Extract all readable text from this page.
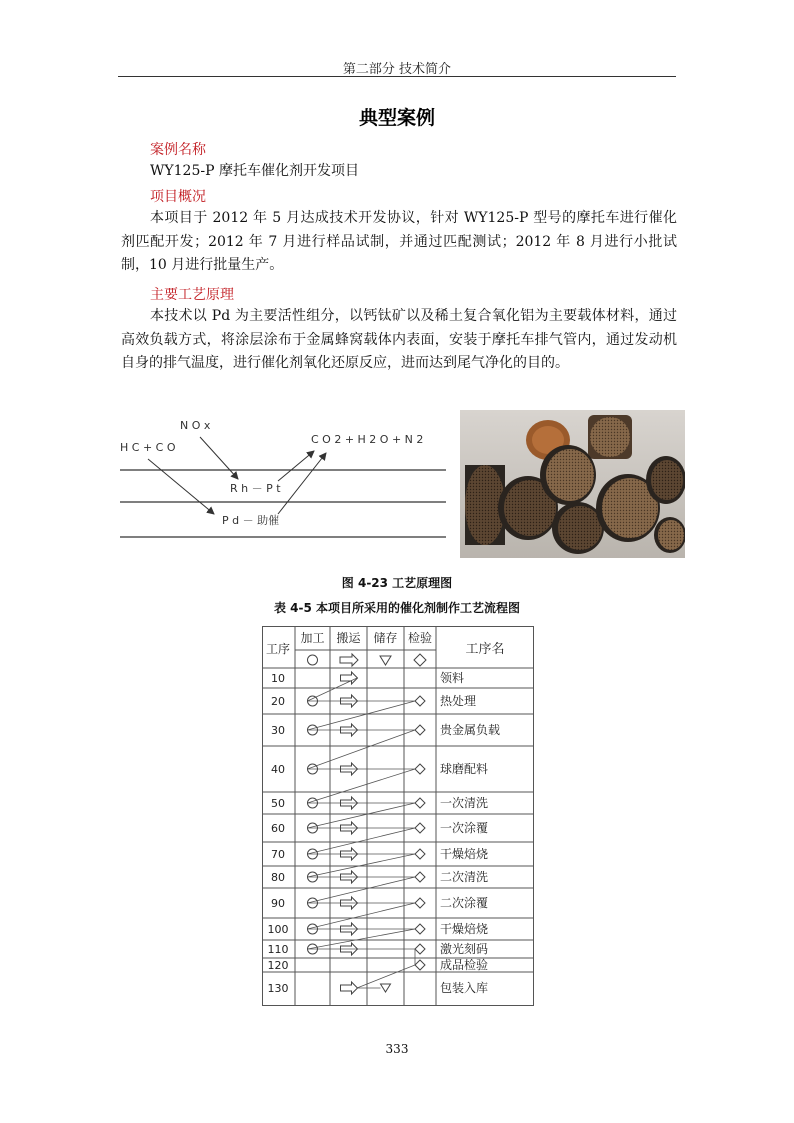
第二部分 技术简介
典型案例
案例名称
WY125-P 摩托车催化剂开发项目
项目概况
本项目于 2012 年 5 月达成技术开发协议，针对 WY125-P 型号的摩托车进行催化剂匹配开发；2012 年 7 月进行样品试制，并通过匹配测试；2012 年 8 月进行小批试制，10 月进行批量生产。
主要工艺原理
本技术以 Pd 为主要活性组分，以钙钛矿以及稀土复合氧化铝为主要载体材料，通过高效负载方式，将涂层涂布于金属蜂窝载体内表面，安装于摩托车排气管内，通过发动机自身的排气温度，进行催化剂氧化还原反应，进而达到尾气净化的目的。
N O x
H C + C O
C O 2 + H 2 O + N 2
R h － P t
P d － 助催
图 4-23 工艺原理图
表 4-5 本项目所采用的催化剂制作工艺流程图
工序
加工 搬运 储存 检验
工序名
10	领料
20	热处理
30	贵金属负载
40	球磨配料
50	一次清洗
60	一次涂覆
70	干燥焙烧
80	二次清洗
90	二次涂覆
100	干燥焙烧
110	激光刻码
120	成品检验
130	包装入库
333
